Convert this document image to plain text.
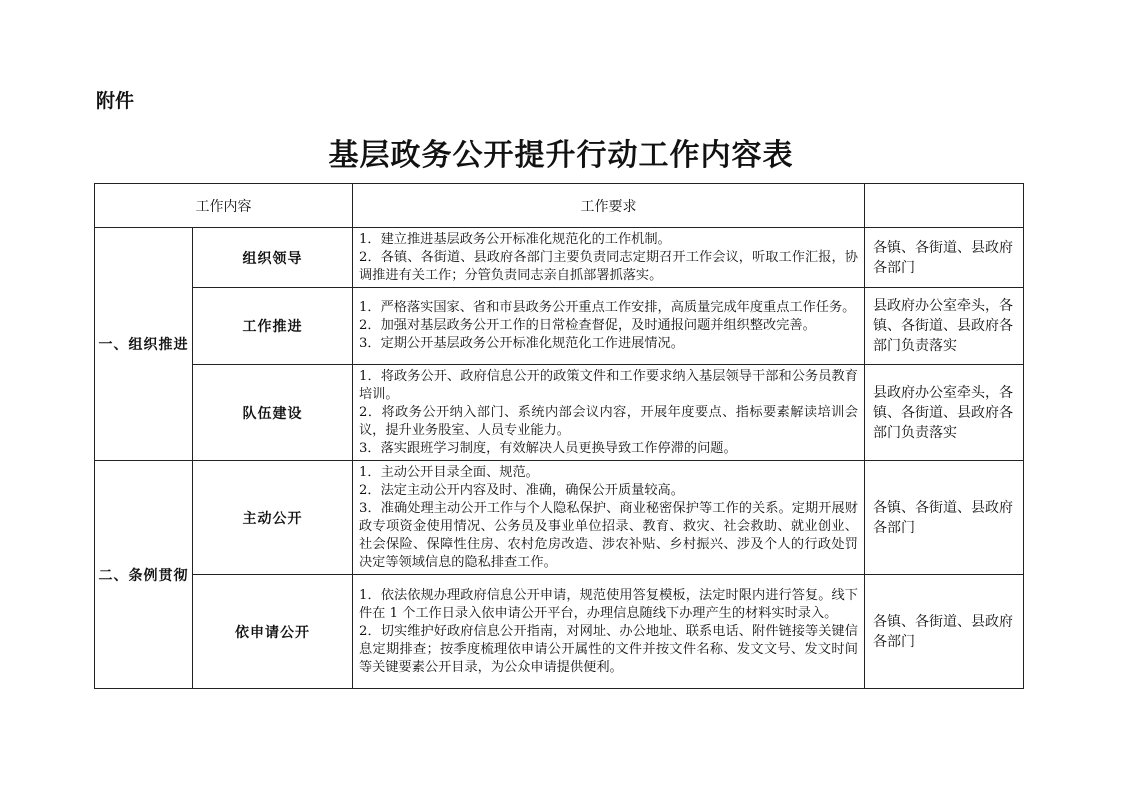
附件
基层政务公开提升行动工作内容表
工作内容		工作要求	
一、组织推进	组织领导	1．建立推进基层政务公开标准化规范化的工作机制。
2．各镇、各街道、县政府各部门主要负责同志定期召开工作会议，听取工作汇报，协调推进有关工作；分管负责同志亲自抓部署抓落实。	各镇、各街道、县政府各部门
	工作推进	1．严格落实国家、省和市县政务公开重点工作安排，高质量完成年度重点工作任务。
2．加强对基层政务公开工作的日常检查督促，及时通报问题并组织整改完善。
3．定期公开基层政务公开标准化规范化工作进展情况。	县政府办公室牵头，各镇、各街道、县政府各部门负责落实
	队伍建设	1．将政务公开、政府信息公开的政策文件和工作要求纳入基层领导干部和公务员教育培训。
2．将政务公开纳入部门、系统内部会议内容，开展年度要点、指标要素解读培训会议，提升业务股室、人员专业能力。
3．落实跟班学习制度，有效解决人员更换导致工作停滞的问题。	县政府办公室牵头，各镇、各街道、县政府各部门负责落实
二、条例贯彻	主动公开	1．主动公开目录全面、规范。
2．法定主动公开内容及时、准确，确保公开质量较高。
3．准确处理主动公开工作与个人隐私保护、商业秘密保护等工作的关系。定期开展财政专项资金使用情况、公务员及事业单位招录、教育、救灾、社会救助、就业创业、社会保险、保障性住房、农村危房改造、涉农补贴、乡村振兴、涉及个人的行政处罚决定等领域信息的隐私排查工作。	各镇、各街道、县政府各部门
	依申请公开	1．依法依规办理政府信息公开申请，规范使用答复模板，法定时限内进行答复。线下件在 1 个工作日录入依申请公开平台，办理信息随线下办理产生的材料实时录入。
2．切实维护好政府信息公开指南，对网址、办公地址、联系电话、附件链接等关键信息定期排查；按季度梳理依申请公开属性的文件并按文件名称、发文文号、发文时间等关键要素公开目录，为公众申请提供便利。	各镇、各街道、县政府各部门
